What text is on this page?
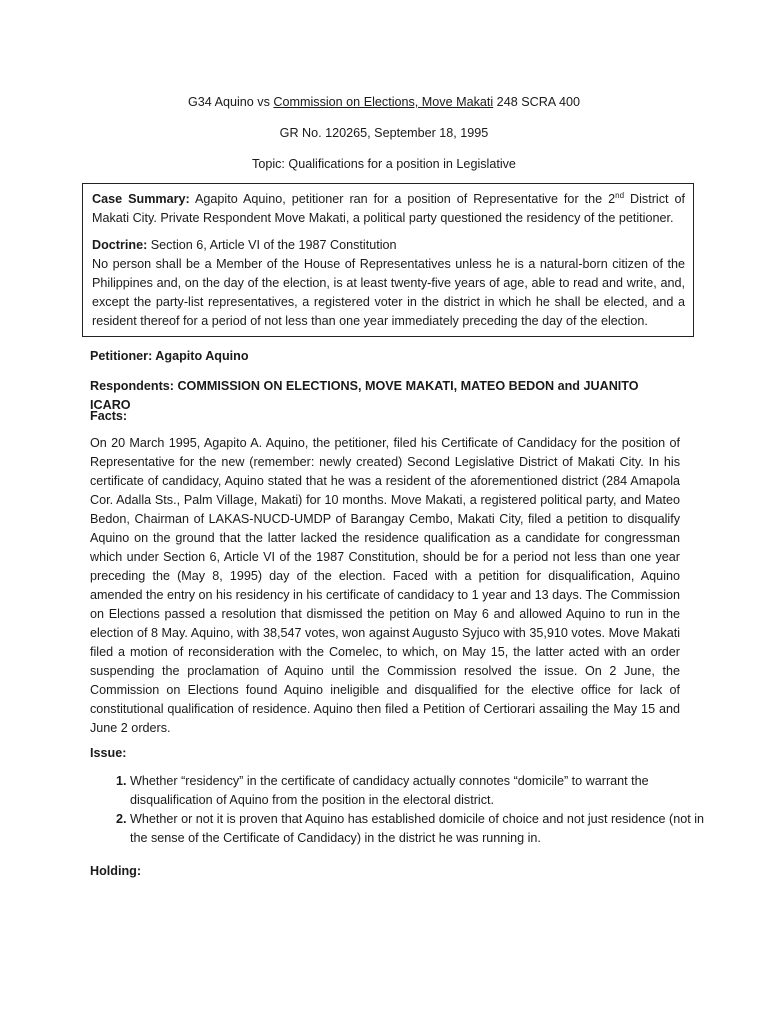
G34 Aquino vs Commission on Elections, Move Makati 248 SCRA 400
GR No. 120265, September 18, 1995
Topic: Qualifications for a position in Legislative

Case Summary: Agapito Aquino, petitioner ran for a position of Representative for the 2nd District of Makati City. Private Respondent Move Makati, a political party questioned the residency of the petitioner.

Doctrine: Section 6, Article VI of the 1987 Constitution

No person shall be a Member of the House of Representatives unless he is a natural-born citizen of the Philippines and, on the day of the election, is at least twenty-five years of age, able to read and write, and, except the party-list representatives, a registered voter in the district in which he shall be elected, and a resident thereof for a period of not less than one year immediately preceding the day of the election.

Petitioner: Agapito Aquino

Respondents: COMMISSION ON ELECTIONS, MOVE MAKATI, MATEO BEDON and JUANITO ICARO

Facts:

On 20 March 1995, Agapito A. Aquino, the petitioner, filed his Certificate of Candidacy for the position of Representative for the new (remember: newly created) Second Legislative District of Makati City. In his certificate of candidacy, Aquino stated that he was a resident of the aforementioned district (284 Amapola Cor. Adalla Sts., Palm Village, Makati) for 10 months. Move Makati, a registered political party, and Mateo Bedon, Chairman of LAKAS-NUCD-UMDP of Barangay Cembo, Makati City, filed a petition to disqualify Aquino on the ground that the latter lacked the residence qualification as a candidate for congressman which under Section 6, Article VI of the 1987 Constitution, should be for a period not less than one year preceding the (May 8, 1995) day of the election. Faced with a petition for disqualification, Aquino amended the entry on his residency in his certificate of candidacy to 1 year and 13 days. The Commission on Elections passed a resolution that dismissed the petition on May 6 and allowed Aquino to run in the election of 8 May. Aquino, with 38,547 votes, won against Augusto Syjuco with 35,910 votes. Move Makati filed a motion of reconsideration with the Comelec, to which, on May 15, the latter acted with an order suspending the proclamation of Aquino until the Commission resolved the issue. On 2 June, the Commission on Elections found Aquino ineligible and disqualified for the elective office for lack of constitutional qualification of residence. Aquino then filed a Petition of Certiorari assailing the May 15 and June 2 orders.

Issue:

1. Whether “residency” in the certificate of candidacy actually connotes “domicile” to warrant the disqualification of Aquino from the position in the electoral district.
2. Whether or not it is proven that Aquino has established domicile of choice and not just residence (not in the sense of the Certificate of Candidacy) in the district he was running in.

Holding:
